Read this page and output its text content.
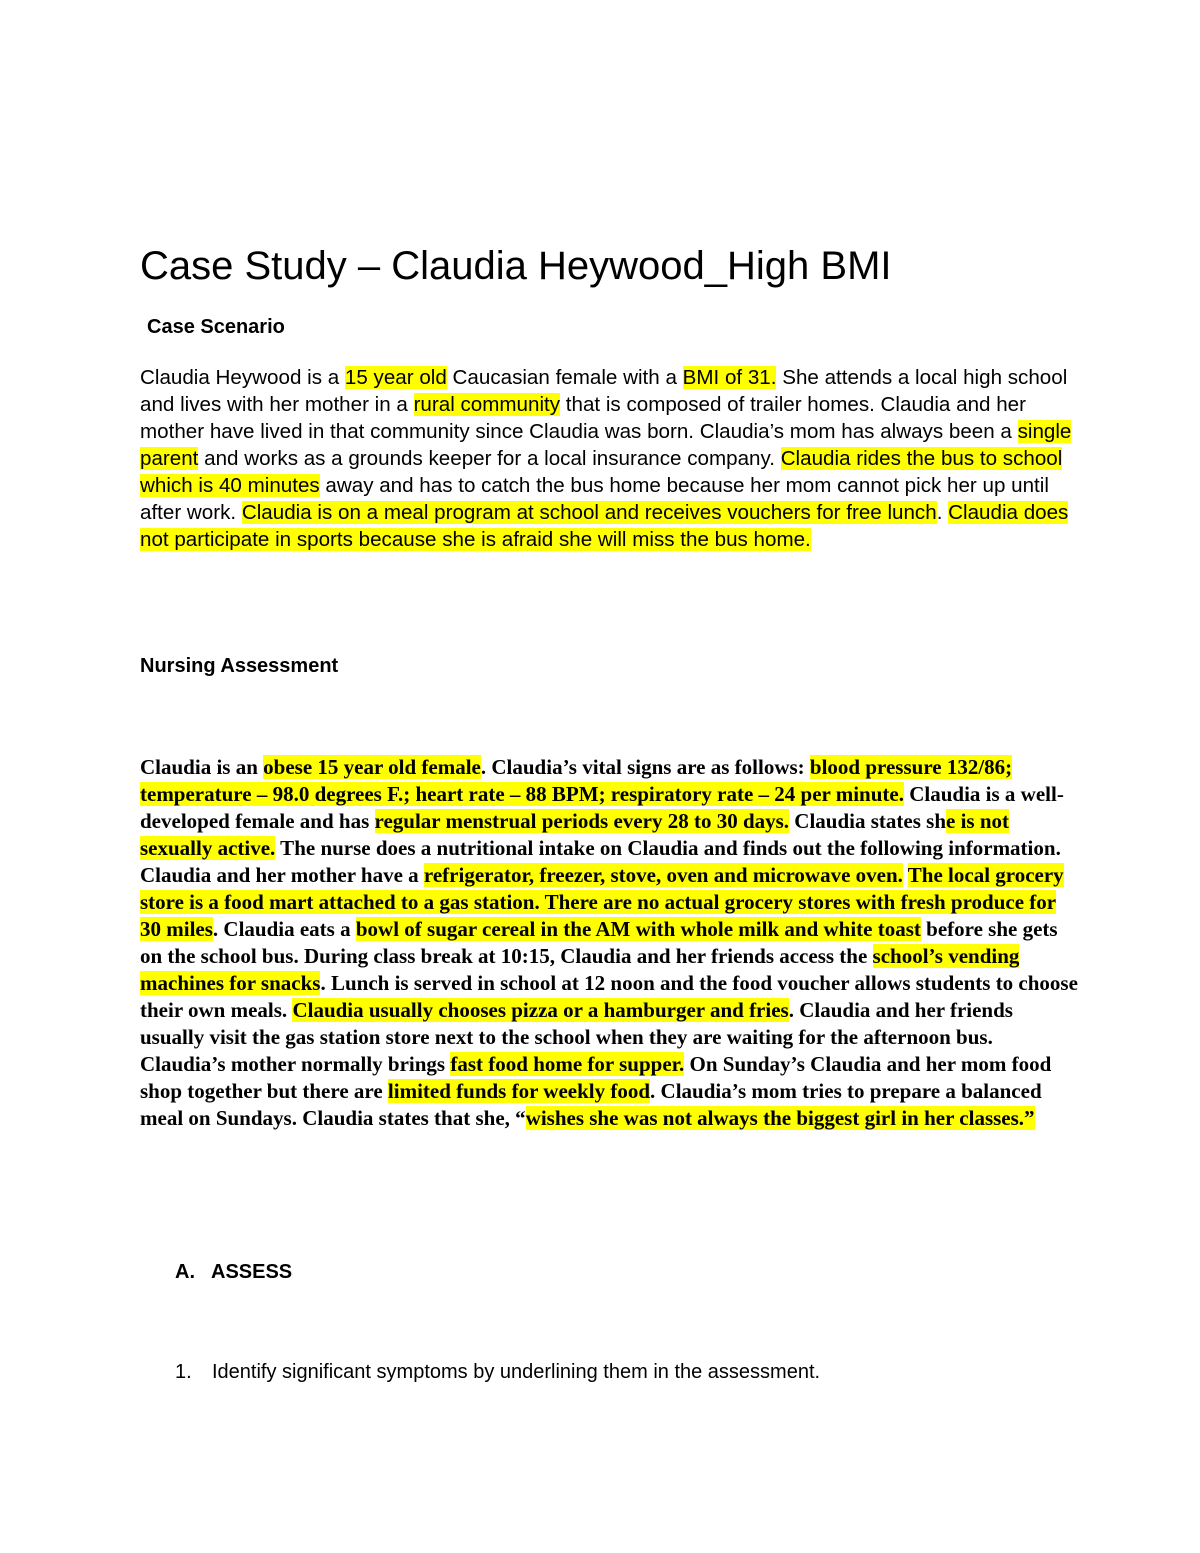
Case Study – Claudia Heywood_High BMI
Case Scenario

Claudia Heywood is a 15 year old Caucasian female with a BMI of 31. She attends a local high school and lives with her mother in a rural community that is composed of trailer homes. Claudia and her mother have lived in that community since Claudia was born. Claudia’s mom has always been a single parent and works as a grounds keeper for a local insurance company. Claudia rides the bus to school which is 40 minutes away and has to catch the bus home because her mom cannot pick her up until after work. Claudia is on a meal program at school and receives vouchers for free lunch. Claudia does not participate in sports because she is afraid she will miss the bus home.

Nursing Assessment

Claudia is an obese 15 year old female. Claudia’s vital signs are as follows: blood pressure 132/86; temperature – 98.0 degrees F.; heart rate – 88 BPM; respiratory rate – 24 per minute. Claudia is a well-developed female and has regular menstrual periods every 28 to 30 days. Claudia states she is not sexually active. The nurse does a nutritional intake on Claudia and finds out the following information. Claudia and her mother have a refrigerator, freezer, stove, oven and microwave oven. The local grocery store is a food mart attached to a gas station. There are no actual grocery stores with fresh produce for 30 miles. Claudia eats a bowl of sugar cereal in the AM with whole milk and white toast before she gets on the school bus. During class break at 10:15, Claudia and her friends access the school’s vending machines for snacks. Lunch is served in school at 12 noon and the food voucher allows students to choose their own meals. Claudia usually chooses pizza or a hamburger and fries. Claudia and her friends usually visit the gas station store next to the school when they are waiting for the afternoon bus. Claudia’s mother normally brings fast food home for supper. On Sunday’s Claudia and her mom food shop together but there are limited funds for weekly food. Claudia’s mom tries to prepare a balanced meal on Sundays. Claudia states that she, “wishes she was not always the biggest girl in her classes.”

A. ASSESS
1. Identify significant symptoms by underlining them in the assessment.
